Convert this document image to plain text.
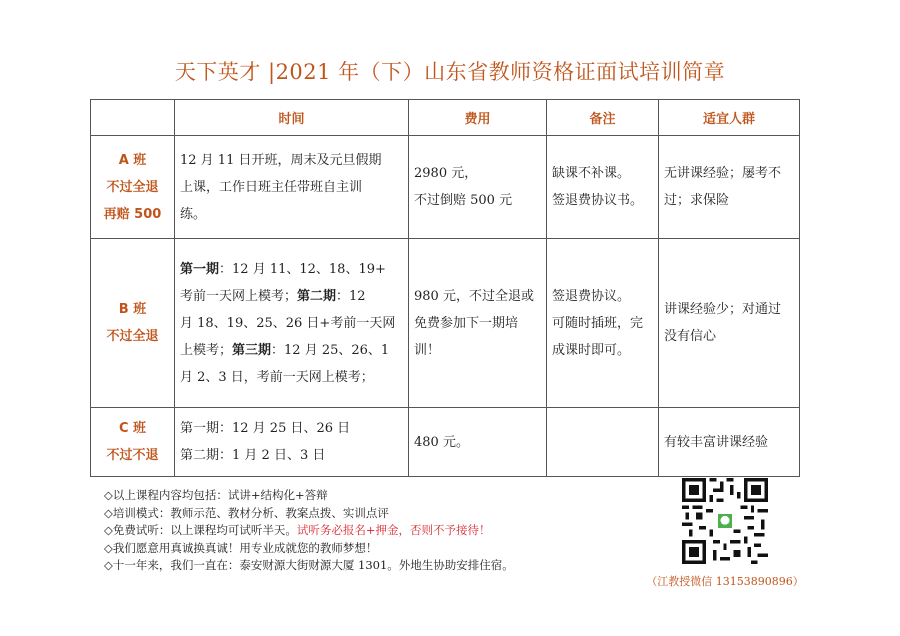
天下英才 |2021 年（下）山东省教师资格证面试培训简章
	时间	费用	备注	适宜人群

A 班
不过全退
再赔 500	12 月 11 日开班，周末及元旦假期
上课，工作日班主任带班自主训
练。	2980 元，
不过倒赔 500 元	缺课不补课。
签退费协议书。	无讲课经验；屡考不
过；求保险

B 班
不过全退	第一期：12 月 11、12、18、19+
考前一天网上模考；第二期：12
月 18、19、25、26 日+考前一天网
上模考；第三期：12 月 25、26、1
月 2、3 日，考前一天网上模考；	980 元，不过全退或
免费参加下一期培
训！	签退费协议。
可随时插班，完
成课时即可。	讲课经验少；对通过
没有信心

C 班
不过不退	第一期：12 月 25 日、26 日
第二期：1 月 2 日、3 日	480 元。		有较丰富讲课经验
◇以上课程内容均包括：试讲+结构化+答辩
◇培训模式：教师示范、教材分析、教案点拨、实训点评
◇免费试听：以上课程均可试听半天。试听务必报名+押金，否则不予接待！
◇我们愿意用真诚换真诚！用专业成就您的教师梦想！
◇十一年来，我们一直在：泰安财源大街财源大厦 1301。外地生协助安排住宿。
（江教授微信 13153890896）
